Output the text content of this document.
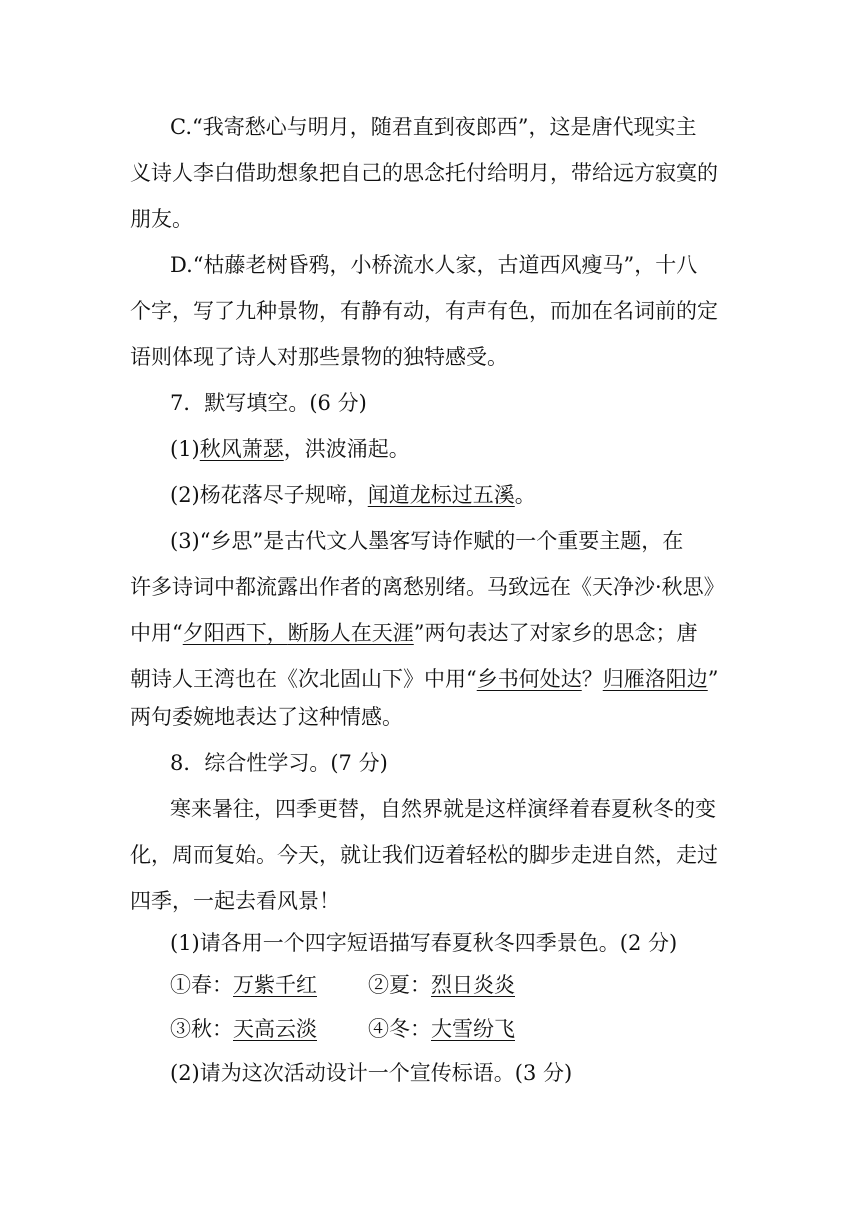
C.“我寄愁心与明月，随君直到夜郎西”，这是唐代现实主
义诗人李白借助想象把自己的思念托付给明月，带给远方寂寞的
朋友。
D.“枯藤老树昏鸦，小桥流水人家，古道西风瘦马”，十八
个字，写了九种景物，有静有动，有声有色，而加在名词前的定
语则体现了诗人对那些景物的独特感受。
7．默写填空。(6 分)
(1)秋风萧瑟，洪波涌起。
(2)杨花落尽子规啼，闻道龙标过五溪。
(3)“乡思”是古代文人墨客写诗作赋的一个重要主题，在
许多诗词中都流露出作者的离愁别绪。马致远在《天净沙·秋思》
中用“夕阳西下，断肠人在天涯”两句表达了对家乡的思念；唐
朝诗人王湾也在《次北固山下》中用“乡书何处达？归雁洛阳边”
两句委婉地表达了这种情感。
8．综合性学习。(7 分)
寒来暑往，四季更替，自然界就是这样演绎着春夏秋冬的变
化，周而复始。今天，就让我们迈着轻松的脚步走进自然，走过
四季，一起去看风景！
(1)请各用一个四字短语描写春夏秋冬四季景色。(2 分)
①春：万紫千红 ②夏：烈日炎炎
③秋：天高云淡 ④冬：大雪纷飞
(2)请为这次活动设计一个宣传标语。(3 分)
